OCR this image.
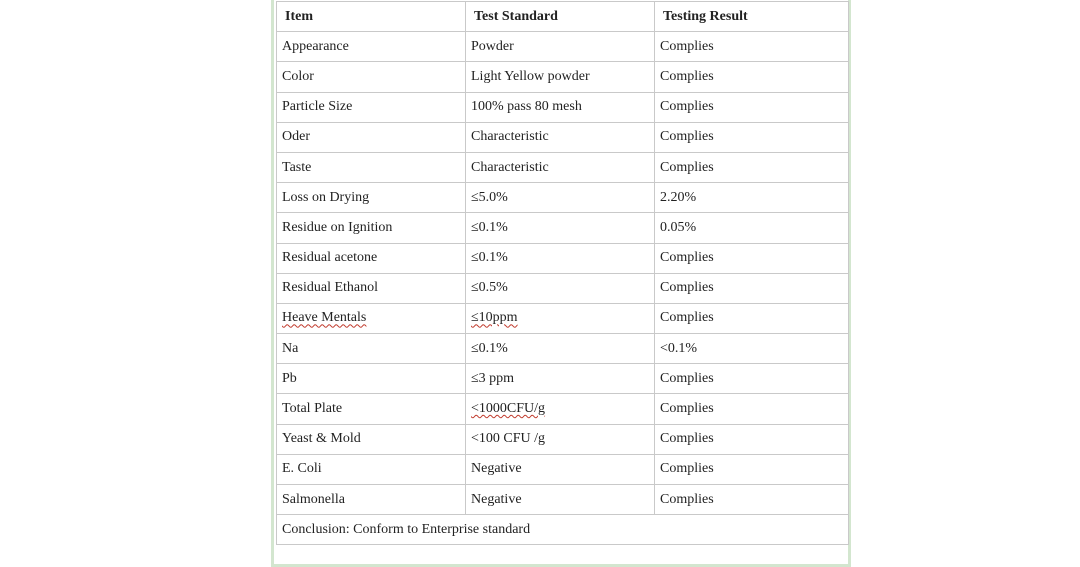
Item	Test Standard	Testing Result
Appearance	Powder	Complies
Color	Light Yellow powder	Complies
Particle Size	100% pass 80 mesh	Complies
Oder	Characteristic	Complies
Taste	Characteristic	Complies
Loss on Drying	≤5.0%	2.20%
Residue on Ignition	≤0.1%	0.05%
Residual acetone	≤0.1%	Complies
Residual Ethanol	≤0.5%	Complies
Heave Mentals	≤10ppm	Complies
Na	≤0.1%	<0.1%
Pb	≤3 ppm	Complies
Total Plate	<1000CFU/g	Complies
Yeast & Mold	<100 CFU /g	Complies
E. Coli	Negative	Complies
Salmonella	Negative	Complies
Conclusion: Conform to Enterprise standard		
